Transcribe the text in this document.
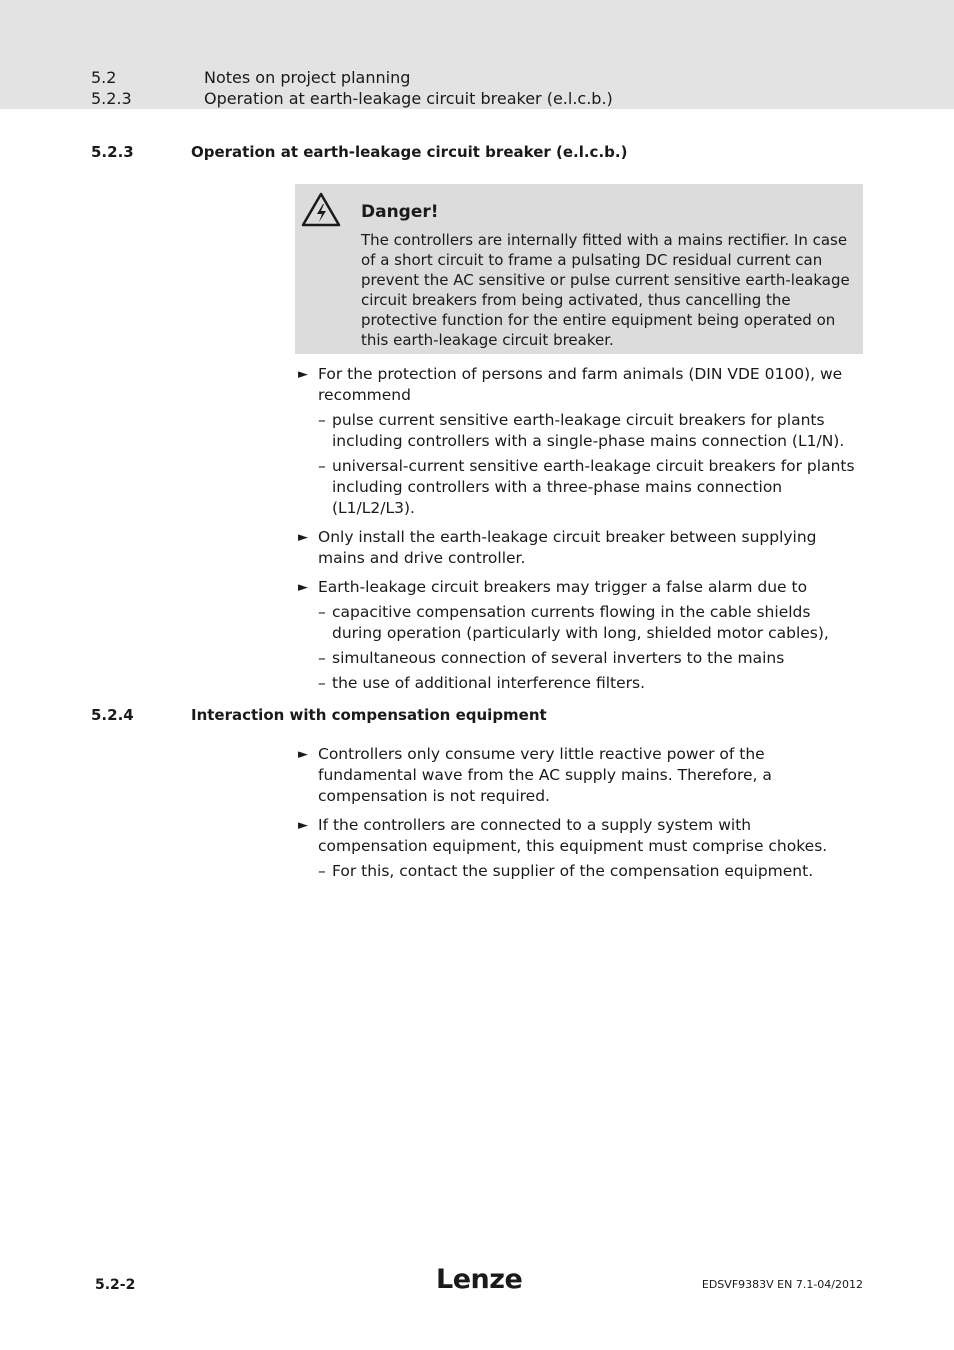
5.2	Notes on project planning
5.2.3	Operation at earth-leakage circuit breaker (e.l.c.b.)
5.2.3	Operation at earth-leakage circuit breaker (e.l.c.b.)
Danger!
The controllers are internally fitted with a mains rectifier. In case of a short circuit to frame a pulsating DC residual current can prevent the AC sensitive or pulse current sensitive earth-leakage circuit breakers from being activated, thus cancelling the protective function for the entire equipment being operated on this earth-leakage circuit breaker.
► For the protection of persons and farm animals (DIN VDE 0100), we recommend
– pulse current sensitive earth-leakage circuit breakers for plants including controllers with a single-phase mains connection (L1/N).
– universal-current sensitive earth-leakage circuit breakers for plants including controllers with a three-phase mains connection (L1/L2/L3).
► Only install the earth-leakage circuit breaker between supplying mains and drive controller.
► Earth-leakage circuit breakers may trigger a false alarm due to
– capacitive compensation currents flowing in the cable shields during operation (particularly with long, shielded motor cables),
– simultaneous connection of several inverters to the mains
– the use of additional interference filters.
5.2.4	Interaction with compensation equipment
► Controllers only consume very little reactive power of the fundamental wave from the AC supply mains. Therefore, a compensation is not required.
► If the controllers are connected to a supply system with compensation equipment, this equipment must comprise chokes.
– For this, contact the supplier of the compensation equipment.
5.2-2	Lenze	EDSVF9383V EN 7.1-04/2012
